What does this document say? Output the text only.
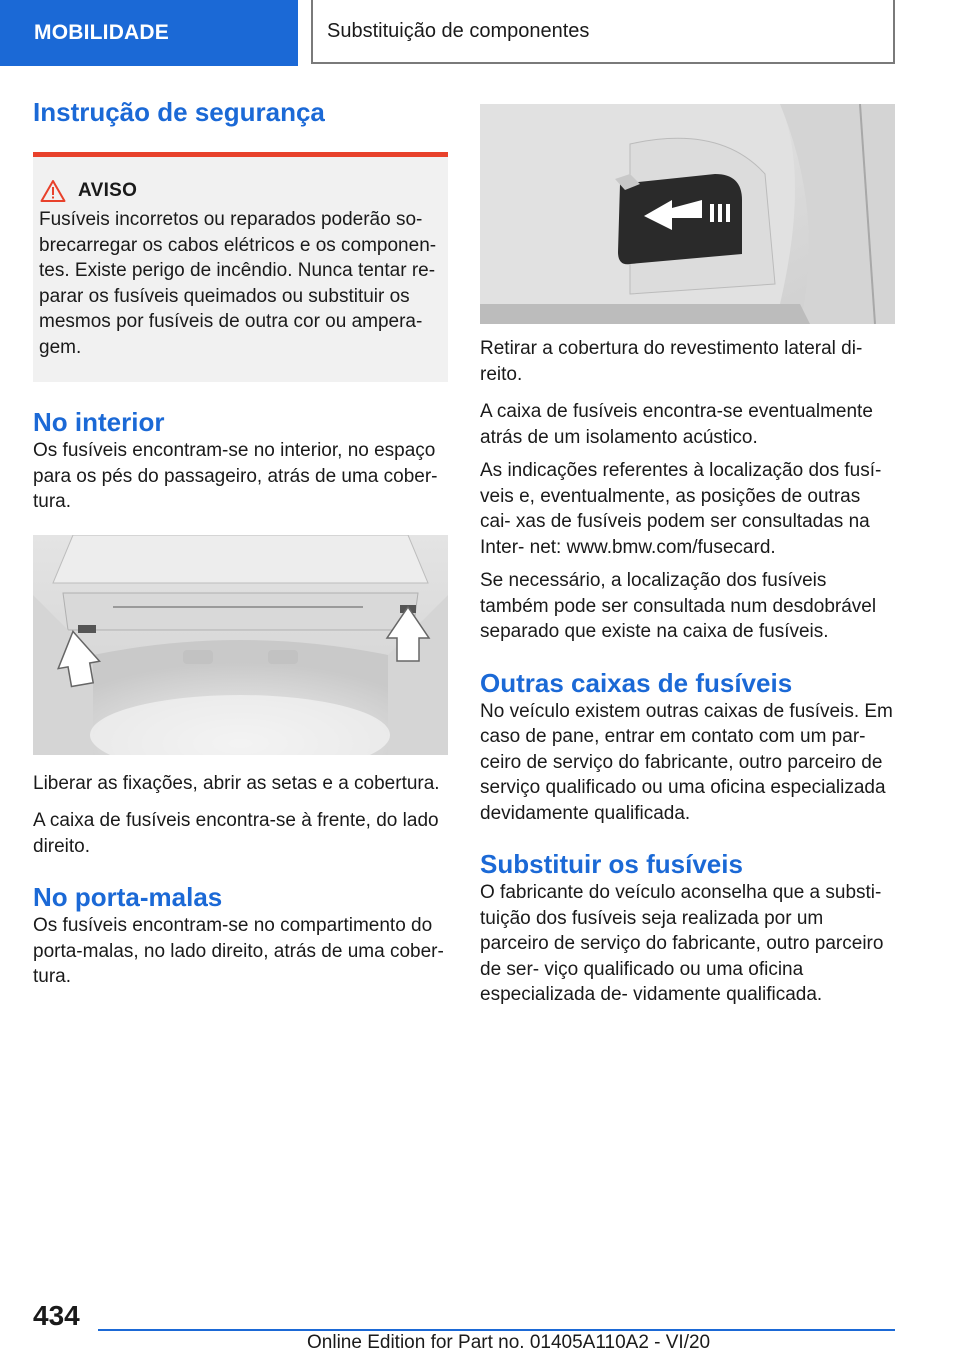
MOBILIDADE	Substituição de componentes
Instrução de segurança
AVISO

Fusíveis incorretos ou reparados poderão so- brecarregar os cabos elétricos e os componen- tes. Existe perigo de incêndio. Nunca tentar re- parar os fusíveis queimados ou substituir os mesmos por fusíveis de outra cor ou ampera- gem.

No interior

Os fusíveis encontram-se no interior, no espaço para os pés do passageiro, atrás de uma cober- tura.

Liberar as fixações, abrir as setas e a cobertura.

A caixa de fusíveis encontra-se à frente, do lado direito.

No porta-malas

Os fusíveis encontram-se no compartimento do porta-malas, no lado direito, atrás de uma cober- tura.

Retirar a cobertura do revestimento lateral di- reito.

A caixa de fusíveis encontra-se eventualmente atrás de um isolamento acústico.

As indicações referentes à localização dos fusí- veis e, eventualmente, as posições de outras cai- xas de fusíveis podem ser consultadas na Inter- net: www.bmw.com/fusecard.

Se necessário, a localização dos fusíveis também pode ser consultada num desdobrável separado que existe na caixa de fusíveis.

Outras caixas de fusíveis

No veículo existem outras caixas de fusíveis. Em caso de pane, entrar em contato com um par- ceiro de serviço do fabricante, outro parceiro de serviço qualificado ou uma oficina especializada devidamente qualificada.

Substituir os fusíveis

O fabricante do veículo aconselha que a substi- tuição dos fusíveis seja realizada por um parceiro de serviço do fabricante, outro parceiro de ser- viço qualificado ou uma oficina especializada de- vidamente qualificada.

434
Online Edition for Part no. 01405A110A2 - VI/20
